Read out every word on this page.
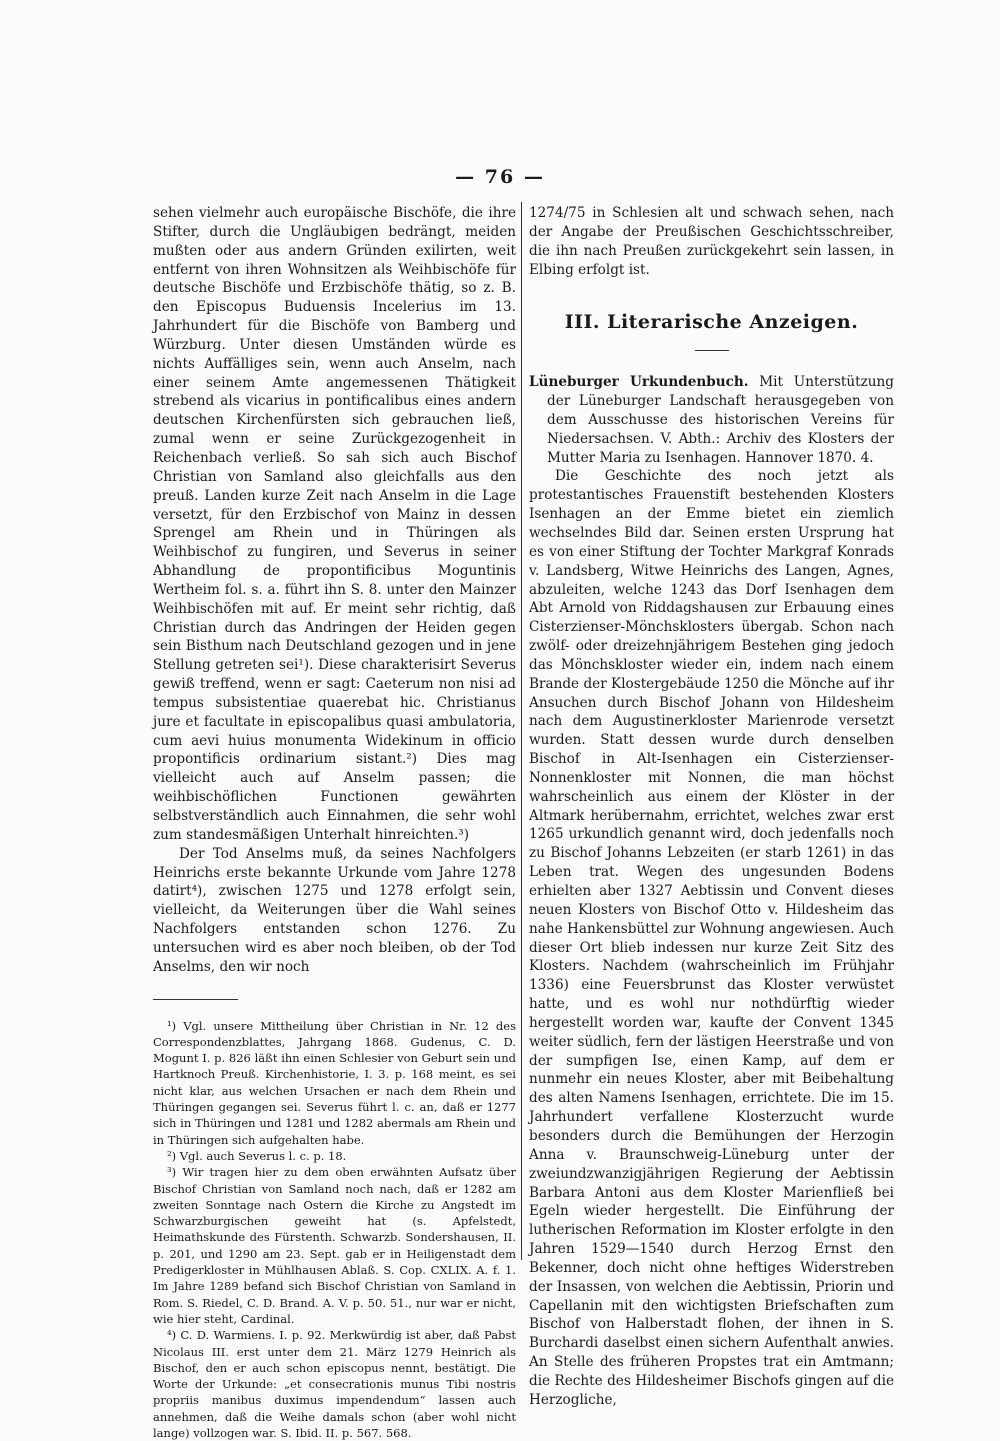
— 76 —

sehen vielmehr auch europäische Bischöfe, die ihre Stifter, durch die Ungläubigen bedrängt, meiden mußten oder aus andern Gründen exilirten, weit entfernt von ihren Wohnsitzen als Weihbischöfe für deutsche Bischöfe und Erzbischöfe thätig, so z. B. den Episcopus Buduensis Incelerius im 13. Jahrhundert für die Bischöfe von Bamberg und Würzburg. Unter diesen Umständen würde es nichts Auffälliges sein, wenn auch Anselm, nach einer seinem Amte angemessenen Thätigkeit strebend als vicarius in pontificalibus eines andern deutschen Kirchenfürsten sich gebrauchen ließ, zumal wenn er seine Zurückgezogenheit in Reichenbach verließ. So sah sich auch Bischof Christian von Samland also gleichfalls aus den preuß. Landen kurze Zeit nach Anselm in die Lage versetzt, für den Erzbischof von Mainz in dessen Sprengel am Rhein und in Thüringen als Weihbischof zu fungiren, und Severus in seiner Abhandlung de propontificibus Moguntinis Wertheim fol. s. a. führt ihn S. 8. unter den Mainzer Weihbischöfen mit auf. Er meint sehr richtig, daß Christian durch das Andringen der Heiden gegen sein Bisthum nach Deutschland gezogen und in jene Stellung getreten sei¹). Diese charakterisirt Severus gewiß treffend, wenn er sagt: Caeterum non nisi ad tempus subsistentiae quaerebat hic. Christianus jure et facultate in episcopalibus quasi ambulatoria, cum aevi huius monumenta Widekinum in officio propontificis ordinarium sistant.²) Dies mag vielleicht auch auf Anselm passen; die weihbischöflichen Functionen gewährten selbstverständlich auch Einnahmen, die sehr wohl zum standesmäßigen Unterhalt hinreichten.³)

Der Tod Anselms muß, da seines Nachfolgers Heinrichs erste bekannte Urkunde vom Jahre 1278 datirt⁴), zwischen 1275 und 1278 erfolgt sein, vielleicht, da Weiterungen über die Wahl seines Nachfolgers entstanden schon 1276. Zu untersuchen wird es aber noch bleiben, ob der Tod Anselms, den wir noch

¹) Vgl. unsere Mittheilung über Christian in Nr. 12 des Correspondenzblattes, Jahrgang 1868. Gudenus, C. D. Mogunt I. p. 826 läßt ihn einen Schlesier von Geburt sein und Hartknoch Preuß. Kirchenhistorie, I. 3. p. 168 meint, es sei nicht klar, aus welchen Ursachen er nach dem Rhein und Thüringen gegangen sei. Severus führt l. c. an, daß er 1277 sich in Thüringen und 1281 und 1282 abermals am Rhein und in Thüringen sich aufgehalten habe.

²) Vgl. auch Severus l. c. p. 18.

³) Wir tragen hier zu dem oben erwähnten Aufsatz über Bischof Christian von Samland noch nach, daß er 1282 am zweiten Sonntage nach Ostern die Kirche zu Angstedt im Schwarzburgischen geweiht hat (s. Apfelstedt, Heimathskunde des Fürstenth. Schwarzb. Sondershausen, II. p. 201, und 1290 am 23. Sept. gab er in Heiligenstadt dem Predigerkloster in Mühlhausen Ablaß. S. Cop. CXLIX. A. f. 1. Im Jahre 1289 befand sich Bischof Christian von Samland in Rom. S. Riedel, C. D. Brand. A. V. p. 50. 51., nur war er nicht, wie hier steht, Cardinal.

⁴) C. D. Warmiens. I. p. 92. Merkwürdig ist aber, daß Pabst Nicolaus III. erst unter dem 21. März 1279 Heinrich als Bischof, den er auch schon episcopus nennt, bestätigt. Die Worte der Urkunde: „et consecrationis munus Tibi nostris propriis manibus duximus impendendum“ lassen auch annehmen, daß die Weihe damals schon (aber wohl nicht lange) vollzogen war. S. Ibid. II. p. 567. 568.

1274/75 in Schlesien alt und schwach sehen, nach der Angabe der Preußischen Geschichtsschreiber, die ihn nach Preußen zurückgekehrt sein lassen, in Elbing erfolgt ist.

III. Literarische Anzeigen.

Lüneburger Urkundenbuch. Mit Unterstützung der Lüneburger Landschaft herausgegeben von dem Ausschusse des historischen Vereins für Niedersachsen. V. Abth.: Archiv des Klosters der Mutter Maria zu Isenhagen. Hannover 1870. 4.

Die Geschichte des noch jetzt als protestantisches Frauenstift bestehenden Klosters Isenhagen an der Emme bietet ein ziemlich wechselndes Bild dar. Seinen ersten Ursprung hat es von einer Stiftung der Tochter Markgraf Konrads v. Landsberg, Witwe Heinrichs des Langen, Agnes, abzuleiten, welche 1243 das Dorf Isenhagen dem Abt Arnold von Riddagshausen zur Erbauung eines Cisterzienser-Mönchsklosters übergab. Schon nach zwölf- oder dreizehnjährigem Bestehen ging jedoch das Mönchskloster wieder ein, indem nach einem Brande der Klostergebäude 1250 die Mönche auf ihr Ansuchen durch Bischof Johann von Hildesheim nach dem Augustinerkloster Marienrode versetzt wurden. Statt dessen wurde durch denselben Bischof in Alt-Isenhagen ein Cisterzienser-Nonnenkloster mit Nonnen, die man höchst wahrscheinlich aus einem der Klöster in der Altmark herübernahm, errichtet, welches zwar erst 1265 urkundlich genannt wird, doch jedenfalls noch zu Bischof Johanns Lebzeiten (er starb 1261) in das Leben trat. Wegen des ungesunden Bodens erhielten aber 1327 Aebtissin und Convent dieses neuen Klosters von Bischof Otto v. Hildesheim das nahe Hankensbüttel zur Wohnung angewiesen. Auch dieser Ort blieb indessen nur kurze Zeit Sitz des Klosters. Nachdem (wahrscheinlich im Frühjahr 1336) eine Feuersbrunst das Kloster verwüstet hatte, und es wohl nur nothdürftig wieder hergestellt worden war, kaufte der Convent 1345 weiter südlich, fern der lästigen Heerstraße und von der sumpfigen Ise, einen Kamp, auf dem er nunmehr ein neues Kloster, aber mit Beibehaltung des alten Namens Isenhagen, errichtete. Die im 15. Jahrhundert verfallene Klosterzucht wurde besonders durch die Bemühungen der Herzogin Anna v. Braunschweig-Lüneburg unter der zweiundzwanzigjährigen Regierung der Aebtissin Barbara Antoni aus dem Kloster Marienfließ bei Egeln wieder hergestellt. Die Einführung der lutherischen Reformation im Kloster erfolgte in den Jahren 1529—1540 durch Herzog Ernst den Bekenner, doch nicht ohne heftiges Widerstreben der Insassen, von welchen die Aebtissin, Priorin und Capellanin mit den wichtigsten Briefschaften zum Bischof von Halberstadt flohen, der ihnen in S. Burchardi daselbst einen sichern Aufenthalt anwies. An Stelle des früheren Propstes trat ein Amtmann; die Rechte des Hildesheimer Bischofs gingen auf die Herzogliche,
